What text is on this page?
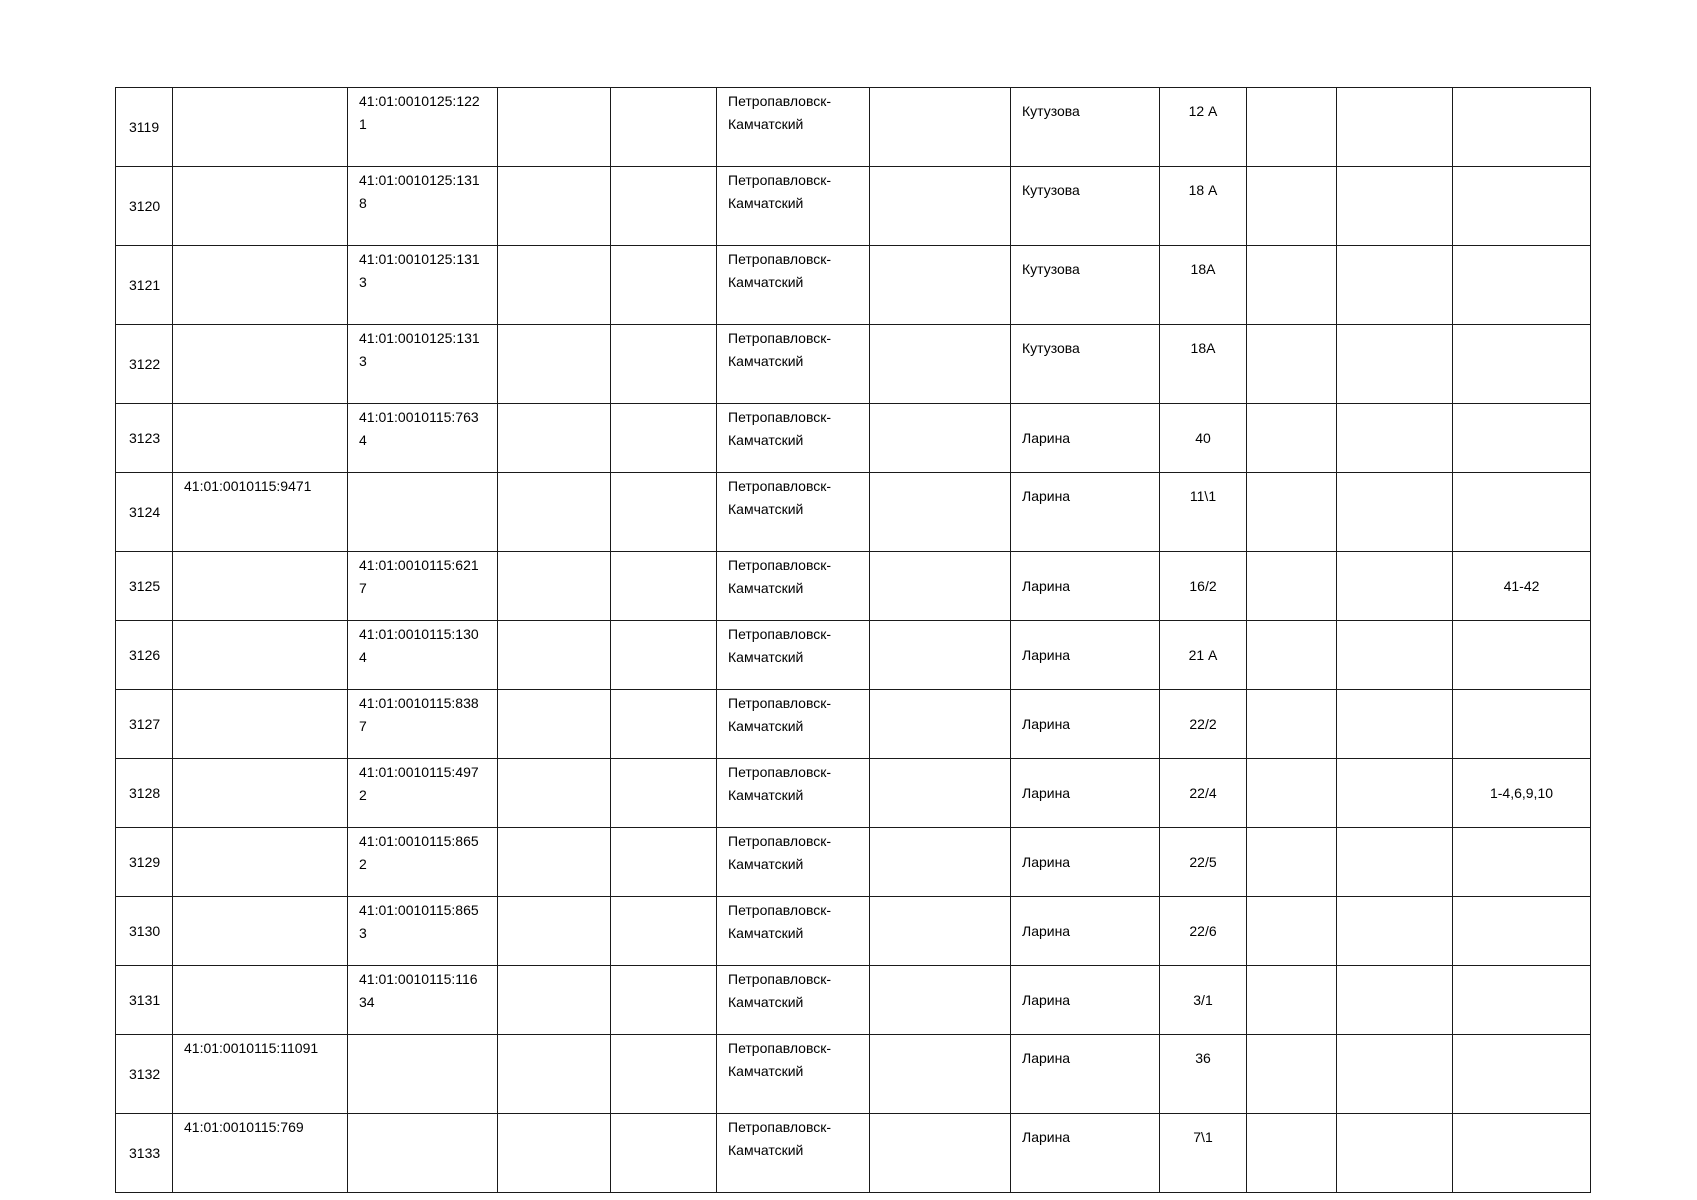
3119		41:01:0010125:1221			Петропавловск-Камчатский		Кутузова	12 А			
3120		41:01:0010125:1318			Петропавловск-Камчатский		Кутузова	18 А			
3121		41:01:0010125:1313			Петропавловск-Камчатский		Кутузова	18А			
3122		41:01:0010125:1313			Петропавловск-Камчатский		Кутузова	18А			
3123		41:01:0010115:7634			Петропавловск-Камчатский		Ларина	40			
3124	41:01:0010115:9471				Петропавловск-Камчатский		Ларина	11\1			
3125		41:01:0010115:6217			Петропавловск-Камчатский		Ларина	16/2			41-42
3126		41:01:0010115:1304			Петропавловск-Камчатский		Ларина	21 А			
3127		41:01:0010115:8387			Петропавловск-Камчатский		Ларина	22/2			
3128		41:01:0010115:4972			Петропавловск-Камчатский		Ларина	22/4			1-4,6,9,10
3129		41:01:0010115:8652			Петропавловск-Камчатский		Ларина	22/5			
3130		41:01:0010115:8653			Петропавловск-Камчатский		Ларина	22/6			
3131		41:01:0010115:11634			Петропавловск-Камчатский		Ларина	3/1			
3132	41:01:0010115:11091				Петропавловск-Камчатский		Ларина	36			
3133	41:01:0010115:769				Петропавловск-Камчатский		Ларина	7\1			
